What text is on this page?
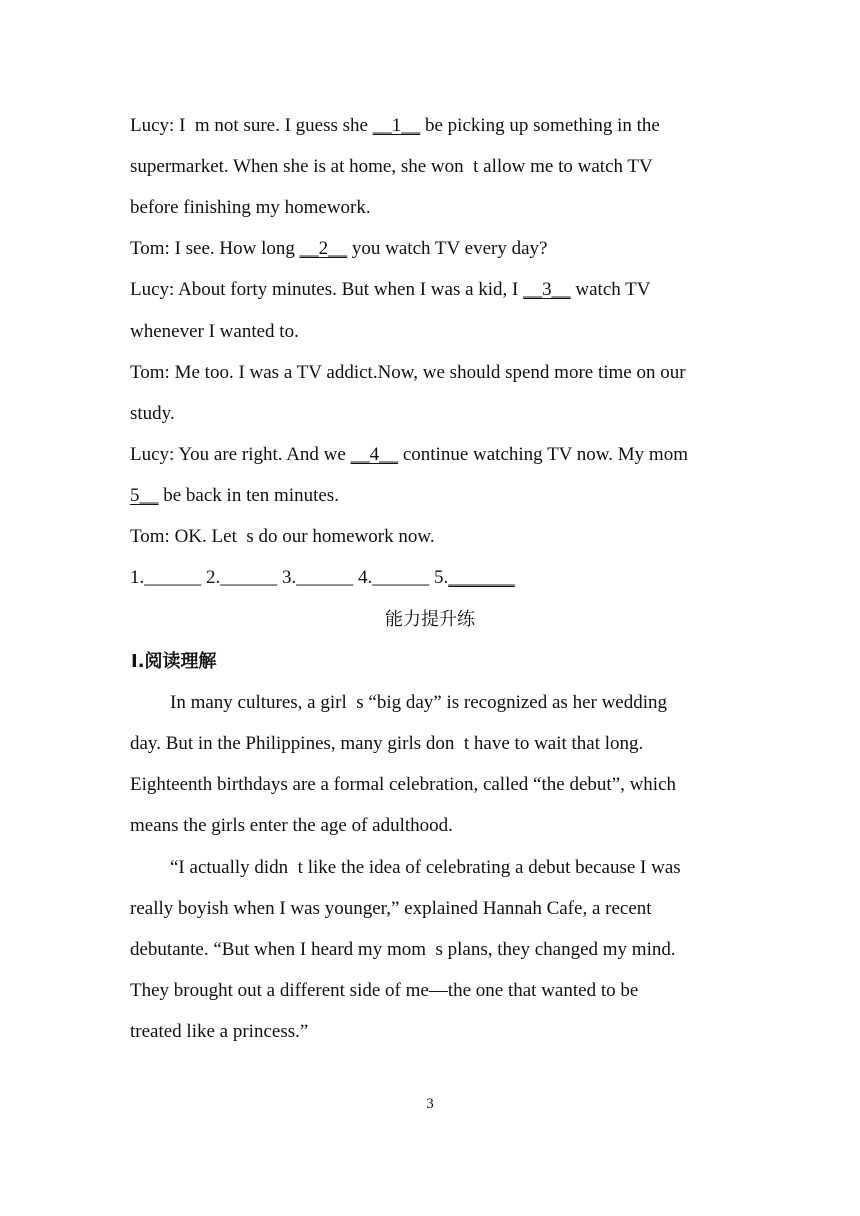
Lucy: I  m not sure. I guess she __1__ be picking up something in the
supermarket. When she is at home, she won  t allow me to watch TV
before finishing my homework.
Tom: I see. How long __2__ you watch TV every day?
Lucy: About forty minutes. But when I was a kid, I __3__ watch TV
whenever I wanted to.
Tom: Me too. I was a TV addict.Now, we should spend more time on our
study.
Lucy: You are right. And we __4__ continue watching TV now. My mom
5__ be back in ten minutes.
Tom: OK. Let  s do our homework now.
1.______ 2.______ 3.______ 4.______ 5._______
能力提升练
Ⅰ.阅读理解
In many cultures, a girl  s “big day” is recognized as her wedding
day. But in the Philippines, many girls don  t have to wait that long.
Eighteenth birthdays are a formal celebration, called “the debut”, which
means the girls enter the age of adulthood.
“I actually didn  t like the idea of celebrating a debut because I was
really boyish when I was younger,” explained Hannah Cafe, a recent
debutante. “But when I heard my mom  s plans, they changed my mind.
They brought out a different side of me—the one that wanted to be
treated like a princess.”
3
